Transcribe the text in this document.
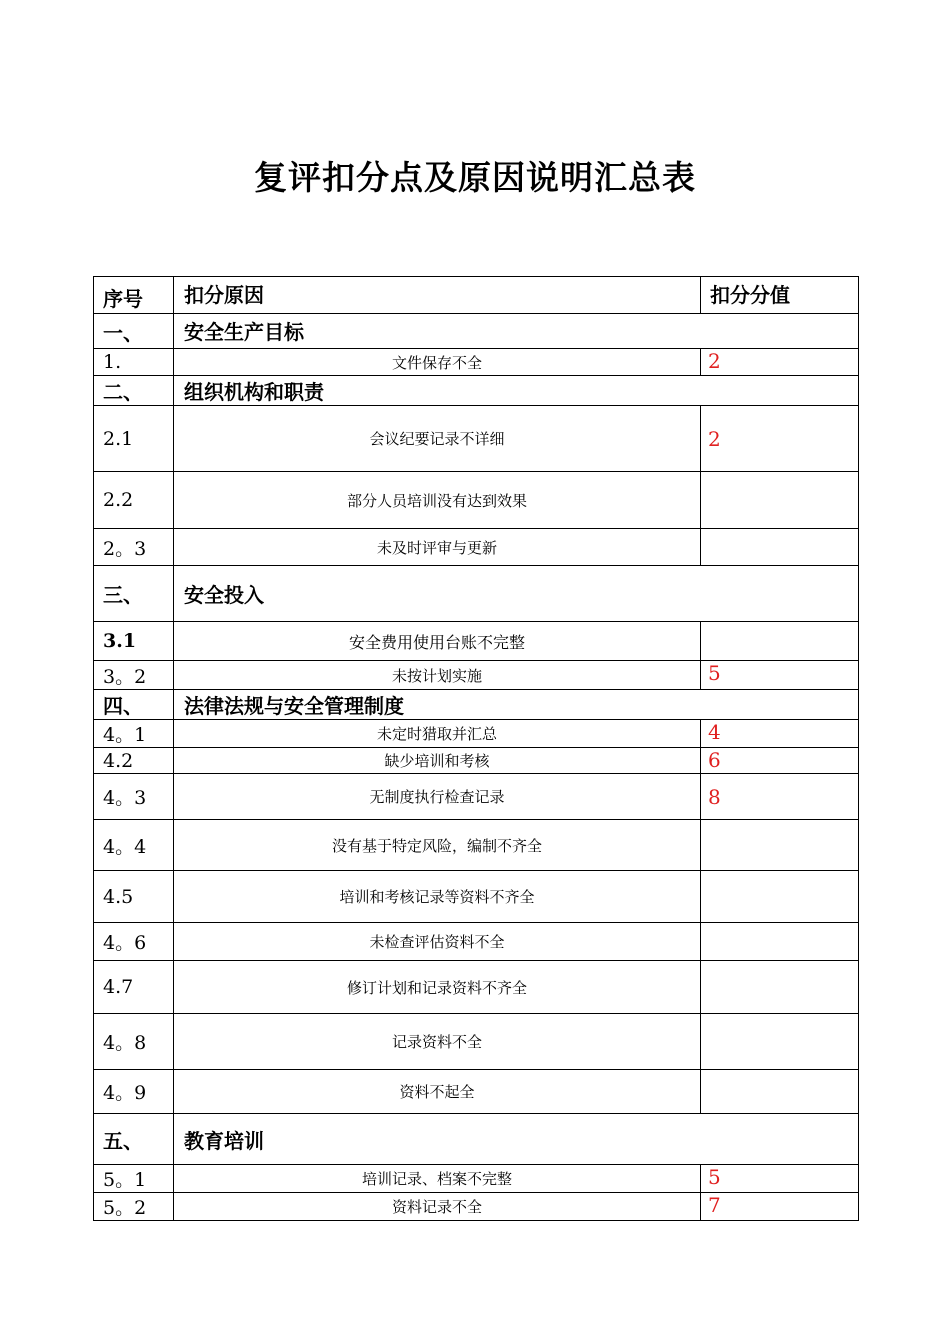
复评扣分点及原因说明汇总表
序号	扣分原因	扣分分值
一、	安全生产目标	
1.	文件保存不全	2
二、	组织机构和职责	
2.1	会议纪要记录不详细	2
2.2	部分人员培训没有达到效果	
2。3	未及时评审与更新	
三、	安全投入	
3.1	安全费用使用台账不完整	
3。2	未按计划实施	5
四、	法律法规与安全管理制度	
4。1	未定时猎取并汇总	4
4.2	缺少培训和考核	6
4。3	无制度执行检查记录	8
4。4	没有基于特定风险，编制不齐全	
4.5	培训和考核记录等资料不齐全	
4。6	未检查评估资料不全	
4.7	修订计划和记录资料不齐全	
4。8	记录资料不全	
4。9	资料不起全	
五、	教育培训	
5。1	培训记录、档案不完整	5
5。2	资料记录不全	7
